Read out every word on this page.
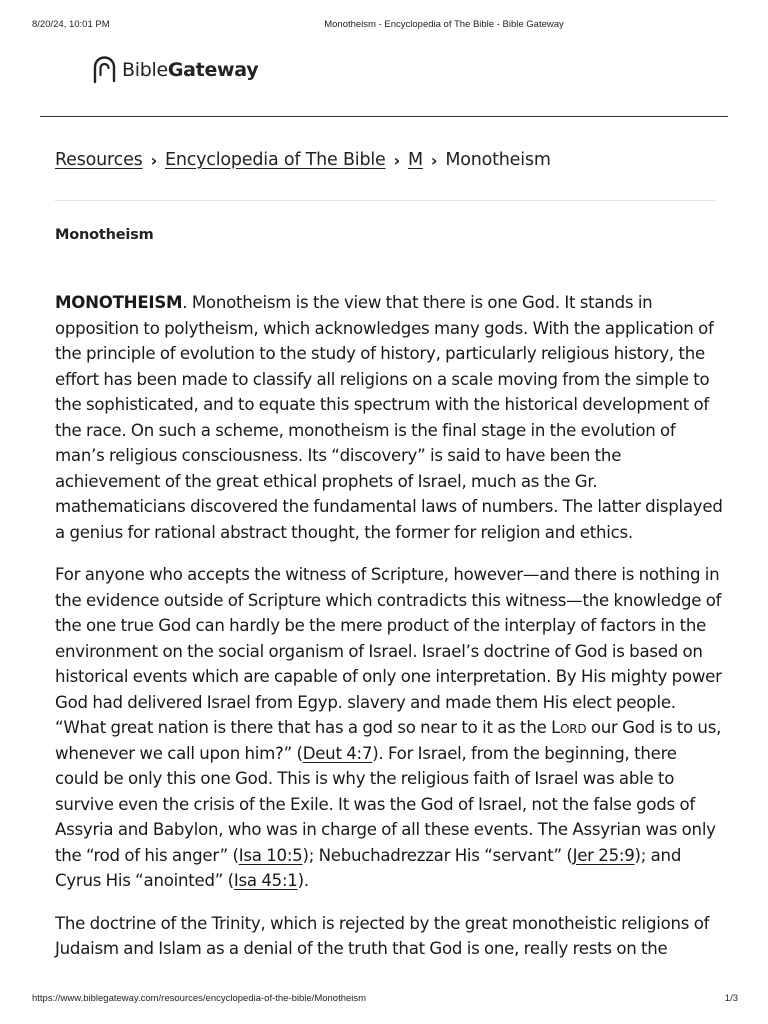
8/20/24, 10:01 PM	Monotheism - Encyclopedia of The Bible - Bible Gateway
BibleGateway
Resources › Encyclopedia of The Bible › M › Monotheism
Monotheism

MONOTHEISM. Monotheism is the view that there is one God. It stands in opposition to polytheism, which acknowledges many gods. With the application of the principle of evolution to the study of history, particularly religious history, the effort has been made to classify all religions on a scale moving from the simple to the sophisticated, and to equate this spectrum with the historical development of the race. On such a scheme, monotheism is the final stage in the evolution of man’s religious consciousness. Its “discovery” is said to have been the achievement of the great ethical prophets of Israel, much as the Gr. mathematicians discovered the fundamental laws of numbers. The latter displayed a genius for rational abstract thought, the former for religion and ethics.

For anyone who accepts the witness of Scripture, however—and there is nothing in the evidence outside of Scripture which contradicts this witness—the knowledge of the one true God can hardly be the mere product of the interplay of factors in the environment on the social organism of Israel. Israel’s doctrine of God is based on historical events which are capable of only one interpretation. By His mighty power God had delivered Israel from Egyp. slavery and made them His elect people. “What great nation is there that has a god so near to it as the Lord our God is to us, whenever we call upon him?” (Deut 4:7). For Israel, from the beginning, there could be only this one God. This is why the religious faith of Israel was able to survive even the crisis of the Exile. It was the God of Israel, not the false gods of Assyria and Babylon, who was in charge of all these events. The Assyrian was only the “rod of his anger” (Isa 10:5); Nebuchadrezzar His “servant” (Jer 25:9); and Cyrus His “anointed” (Isa 45:1).

The doctrine of the Trinity, which is rejected by the great monotheistic religions of Judaism and Islam as a denial of the truth that God is one, really rests on the

https://www.biblegateway.com/resources/encyclopedia-of-the-bible/Monotheism	1/3
